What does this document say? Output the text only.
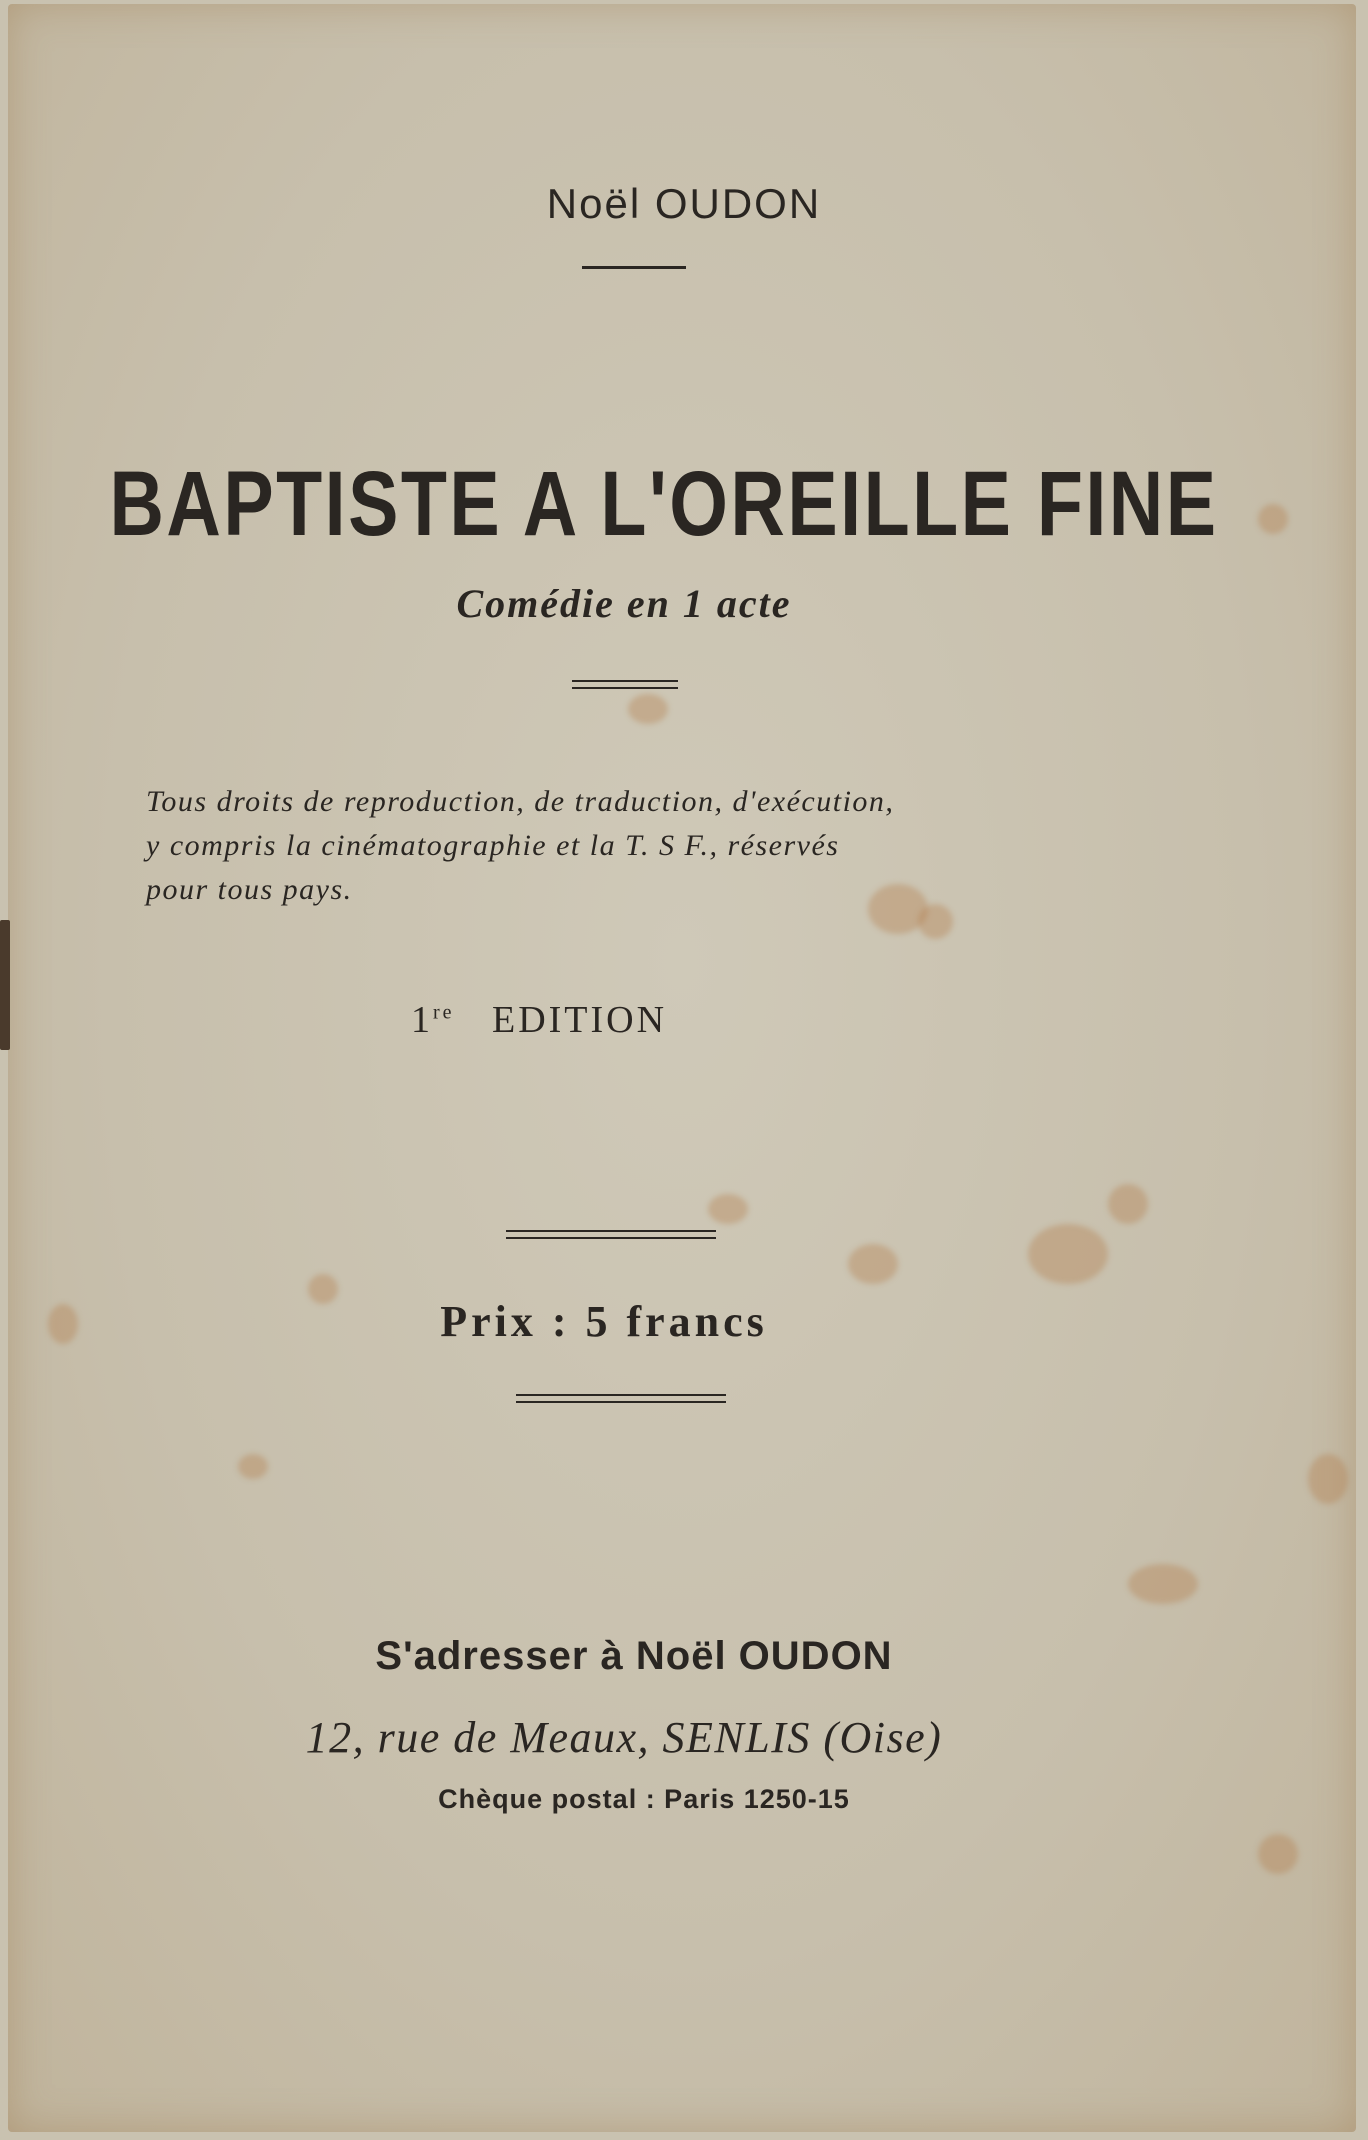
Noël OUDON
BAPTISTE A L'OREILLE FINE
Comédie en 1 acte
Tous droits de reproduction, de traduction, d'exécution,
y compris la cinématographie et la T. S F., réservés
pour tous pays.
1re EDITION
Prix : 5 francs
S'adresser à Noël OUDON
12, rue de Meaux, SENLIS (Oise)
Chèque postal : Paris 1250-15
